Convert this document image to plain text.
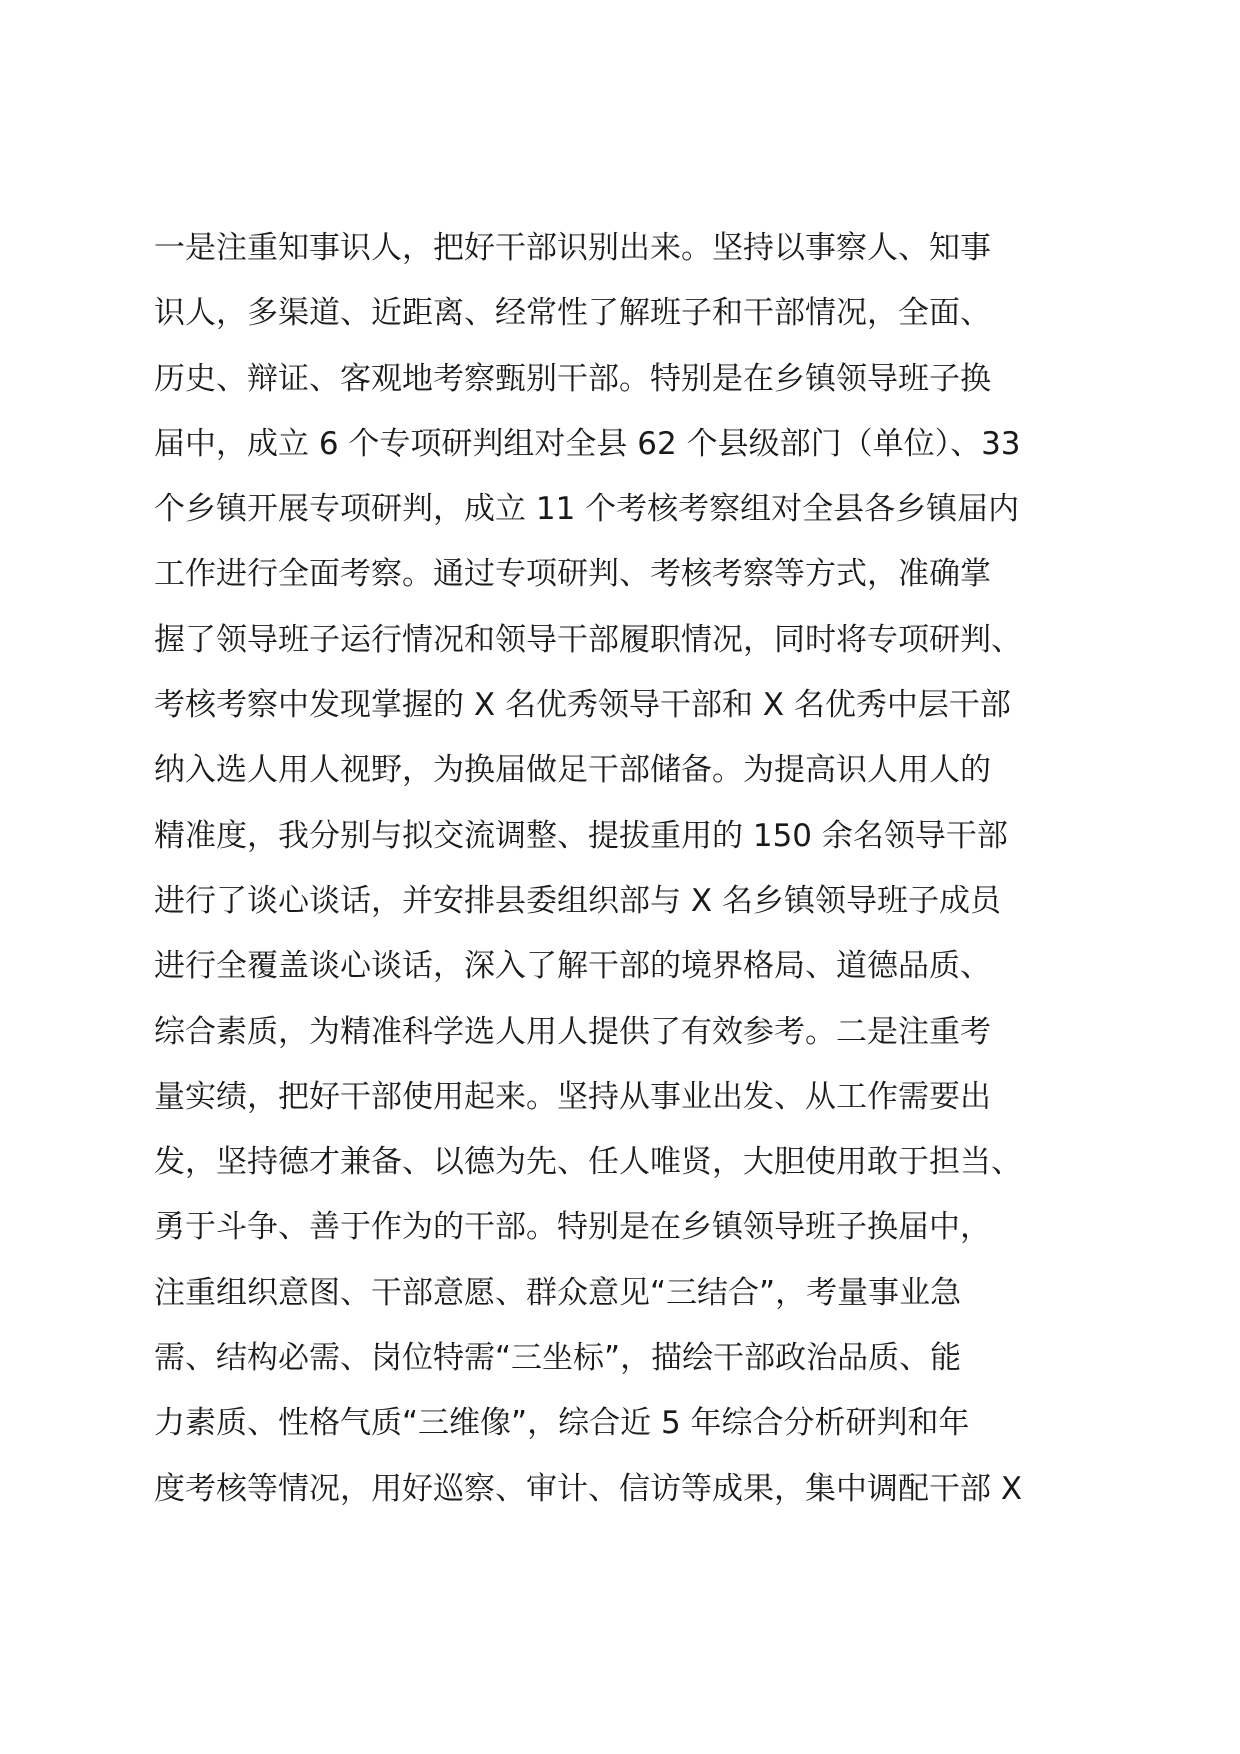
一是注重知事识人，把好干部识别出来。坚持以事察人、知事
识人，多渠道、近距离、经常性了解班子和干部情况，全面、
历史、辩证、客观地考察甄别干部。特别是在乡镇领导班子换
届中，成立 6 个专项研判组对全县 62 个县级部门（单位）、33
个乡镇开展专项研判，成立 11 个考核考察组对全县各乡镇届内
工作进行全面考察。通过专项研判、考核考察等方式，准确掌
握了领导班子运行情况和领导干部履职情况，同时将专项研判、
考核考察中发现掌握的 X 名优秀领导干部和 X 名优秀中层干部
纳入选人用人视野，为换届做足干部储备。为提高识人用人的
精准度，我分别与拟交流调整、提拔重用的 150 余名领导干部
进行了谈心谈话，并安排县委组织部与 X 名乡镇领导班子成员
进行全覆盖谈心谈话，深入了解干部的境界格局、道德品质、
综合素质，为精准科学选人用人提供了有效参考。二是注重考
量实绩，把好干部使用起来。坚持从事业出发、从工作需要出
发，坚持德才兼备、以德为先、任人唯贤，大胆使用敢于担当、
勇于斗争、善于作为的干部。特别是在乡镇领导班子换届中，
注重组织意图、干部意愿、群众意见“三结合”，考量事业急
需、结构必需、岗位特需“三坐标”，描绘干部政治品质、能
力素质、性格气质“三维像”，综合近 5 年综合分析研判和年
度考核等情况，用好巡察、审计、信访等成果，集中调配干部 X
